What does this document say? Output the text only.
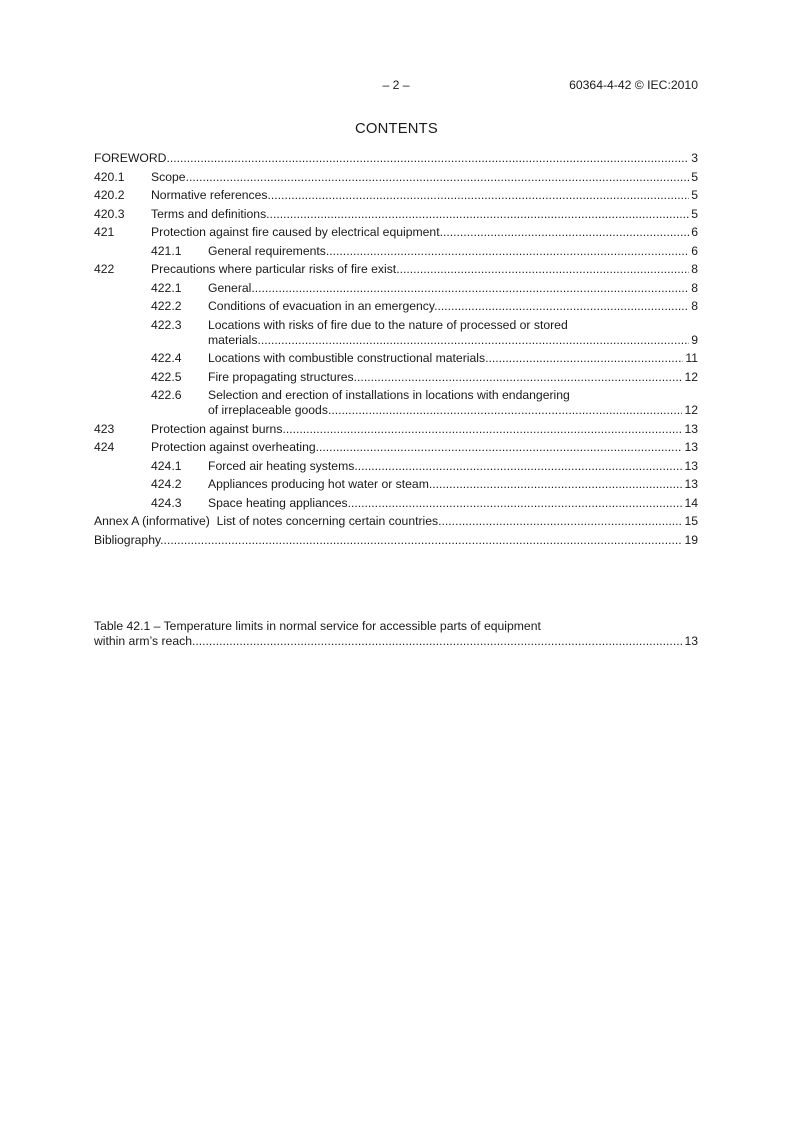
– 2 –	60364-4-42 © IEC:2010
CONTENTS
FOREWORD .....	3
420.1	Scope .....	5
420.2	Normative references .....	5
420.3	Terms and definitions .....	5
421	Protection against fire caused by electrical equipment .....	6
421.1	General requirements .....	6
422	Precautions where particular risks of fire exist .....	8
422.1	General .....	8
422.2	Conditions of evacuation in an emergency .....	8
422.3	Locations with risks of fire due to the nature of processed or stored
materials .....	9
422.4	Locations with combustible constructional materials .....	11
422.5	Fire propagating structures .....	12
422.6	Selection and erection of installations in locations with endangering
of irreplaceable goods .....	12
423	Protection against burns .....	13
424	Protection against overheating .....	13
424.1	Forced air heating systems .....	13
424.2	Appliances producing hot water or steam .....	13
424.3	Space heating appliances .....	14
Annex A (informative)  List of notes concerning certain countries .....	15
Bibliography .....	19
Table 42.1 – Temperature limits in normal service for accessible parts of equipment
within arm’s reach .....	13
